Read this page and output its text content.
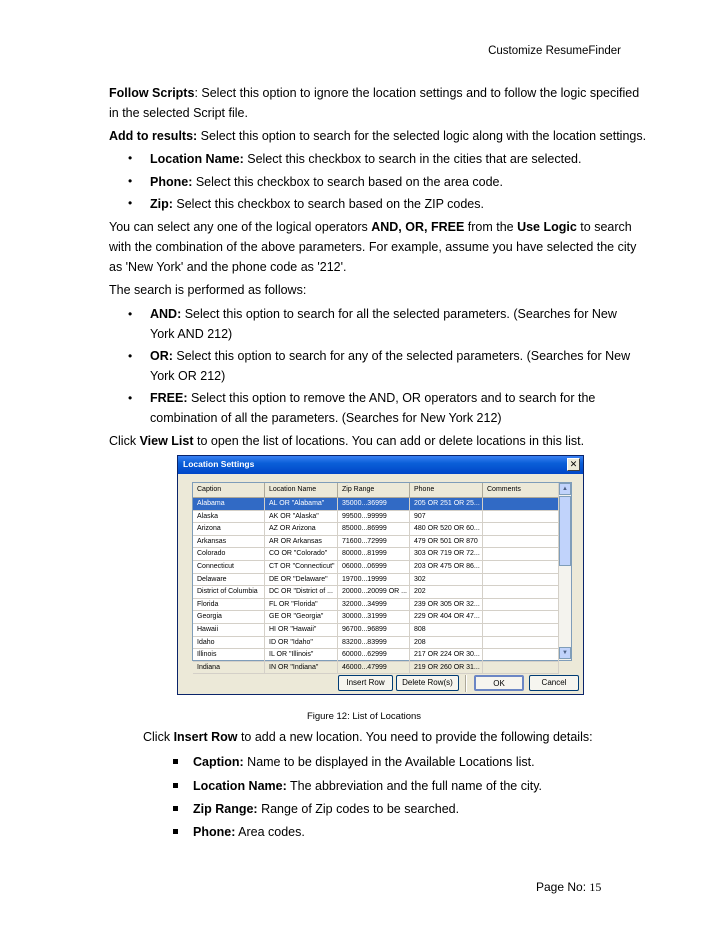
Customize ResumeFinder
Follow Scripts: Select this option to ignore the location settings and to follow the logic specified
in the selected Script file.
Add to results: Select this option to search for the selected logic along with the location settings.
• Location Name: Select this checkbox to search in the cities that are selected.
• Phone: Select this checkbox to search based on the area code.
• Zip: Select this checkbox to search based on the ZIP codes.
You can select any one of the logical operators AND, OR, FREE from the Use Logic to search
with the combination of the above parameters. For example, assume you have selected the city
as 'New York' and the phone code as '212'.
The search is performed as follows:
• AND: Select this option to search for all the selected parameters. (Searches for New
York AND 212)
• OR: Select this option to search for any of the selected parameters. (Searches for New
York OR 212)
• FREE: Select this option to remove the AND, OR operators and to search for the
combination of all the parameters. (Searches for New York 212)
Click View List to open the list of locations. You can add or delete locations in this list.
Location Settings	✕
Caption	Location Name	Zip Range	Phone	Comments
Alabama	AL OR "Alabama"	35000...36999	205 OR 251 OR 25...
Alaska	AK OR "Alaska"	99500...99999	907
Arizona	AZ OR Arizona	85000...86999	480 OR 520 OR 60...
Arkansas	AR OR Arkansas	71600...72999	479 OR 501 OR 870
Colorado	CO OR "Colorado"	80000...81999	303 OR 719 OR 72...
Connecticut	CT OR "Connecticut"	06000...06999	203 OR 475 OR 86...
Delaware	DE OR "Delaware"	19700...19999	302
District of Columbia	DC OR "District of ...	20000...20099 OR ...	202
Florida	FL OR "Florida"	32000...34999	239 OR 305 OR 32...
Georgia	GE OR "Georgia"	30000...31999	229 OR 404 OR 47...
Hawaii	HI OR "Hawaii"	96700...96899	808
Idaho	ID OR "Idaho"	83200...83999	208
Illinois	IL OR "Illinois"	60000...62999	217 OR 224 OR 30...
Indiana	IN OR "Indiana"	46000...47999	219 OR 260 OR 31...
▲
▼
Insert Row	Delete Row(s)	OK	Cancel
Figure 12: List of Locations
Click Insert Row to add a new location. You need to provide the following details:
Caption: Name to be displayed in the Available Locations list.
Location Name: The abbreviation and the full name of the city.
Zip Range: Range of Zip codes to be searched.
Phone: Area codes.
Page No: 15
